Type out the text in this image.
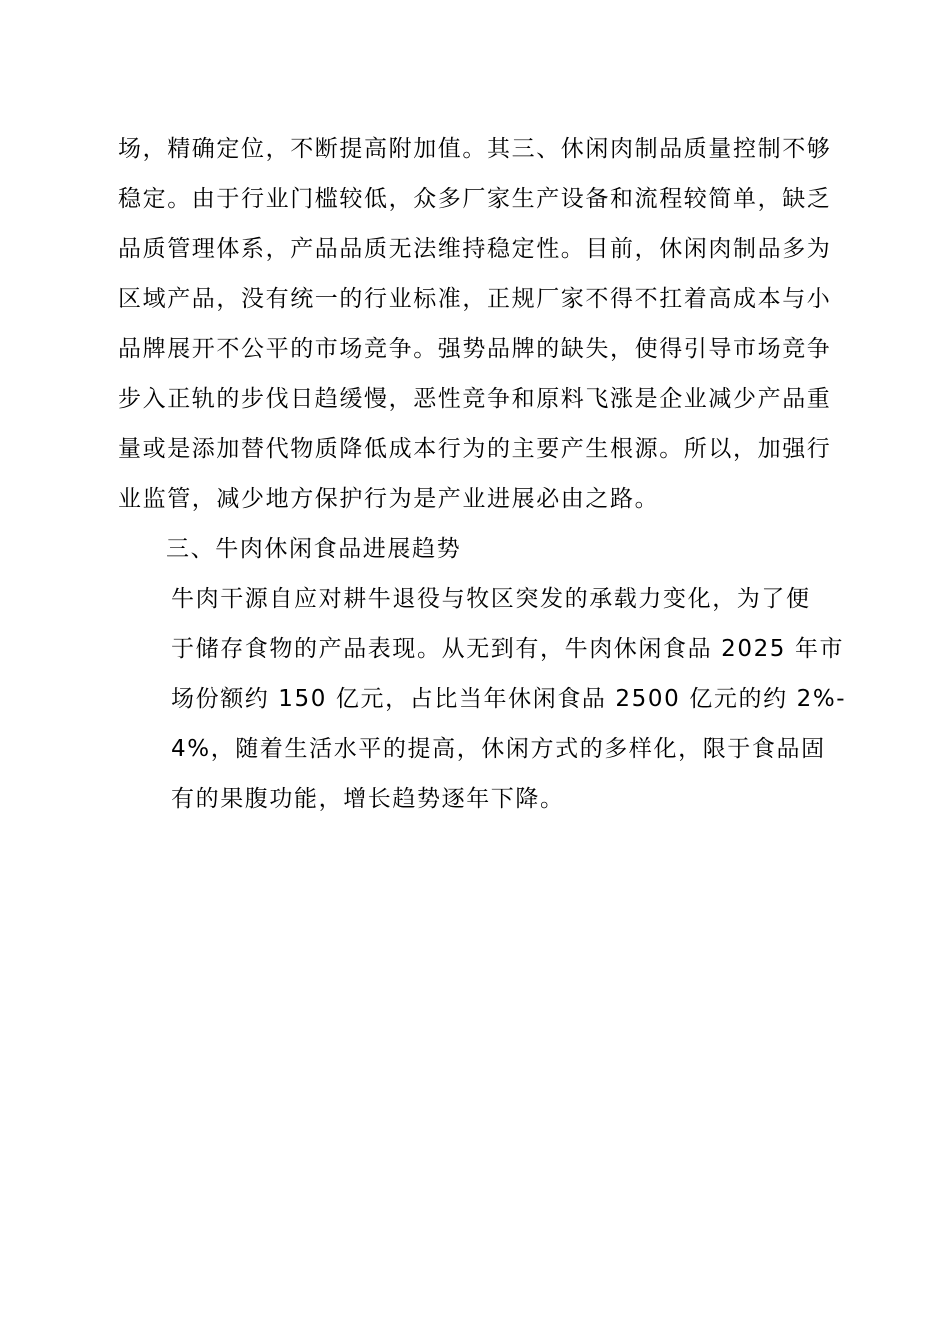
场，精确定位，不断提高附加值。其三、休闲肉制品质量控制不够
稳定。由于行业门槛较低，众多厂家生产设备和流程较简单，缺乏
品质管理体系，产品品质无法维持稳定性。目前，休闲肉制品多为
区域产品，没有统一的行业标准，正规厂家不得不扛着高成本与小
品牌展开不公平的市场竞争。强势品牌的缺失，使得引导市场竞争
步入正轨的步伐日趋缓慢，恶性竞争和原料飞涨是企业减少产品重
量或是添加替代物质降低成本行为的主要产生根源。所以，加强行
业监管，减少地方保护行为是产业进展必由之路。
三、牛肉休闲食品进展趋势
牛肉干源自应对耕牛退役与牧区突发的承载力变化，为了便
于储存食物的产品表现。从无到有，牛肉休闲食品 2025 年市
场份额约 150 亿元，占比当年休闲食品 2500 亿元的约 2%-
4%，随着生活水平的提高，休闲方式的多样化，限于食品固
有的果腹功能，增长趋势逐年下降。
